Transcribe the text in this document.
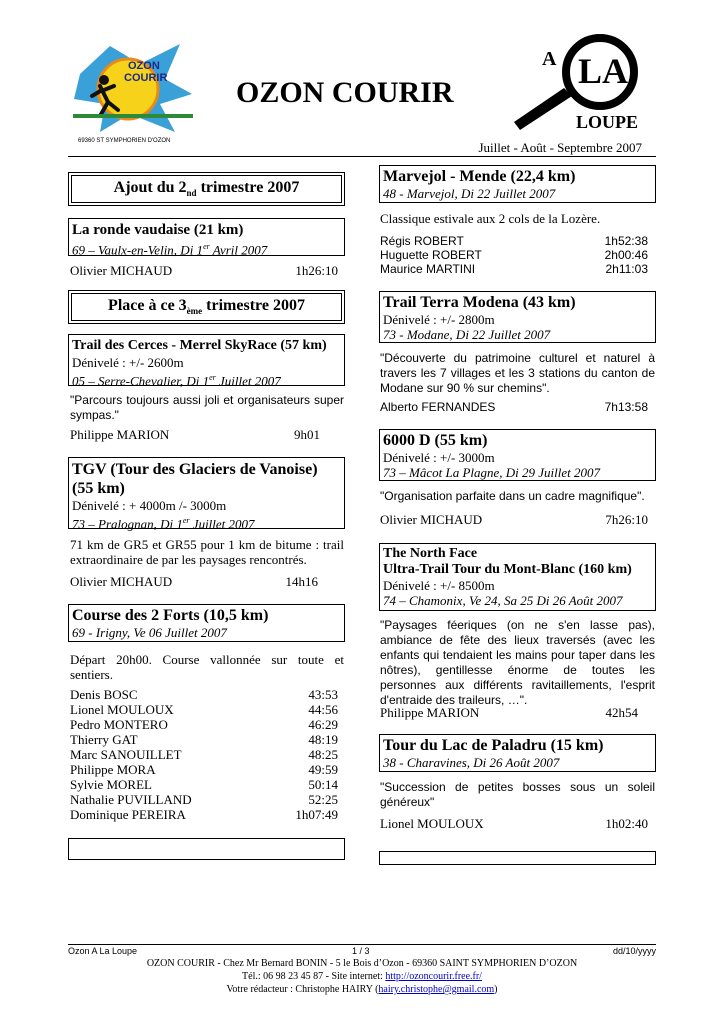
OZON
COURIR
69360 ST SYMPHORIEN D'OZON
OZON COURIR
A LA
LOUPE
Juillet - Août - Septembre 2007
Ajout du $2_{nd}$ trimestre 2007
La ronde vaudaise (21 km)
69 – Vaulx-en-Velin, Di 1er Avril 2007
Olivier MICHAUD	1h26:10
Place à ce $3_{ème}$ trimestre 2007
Trail des Cerces - Merrel SkyRace (57 km)
Dénivelé : +/- 2600m
05 – Serre-Chevalier, Di 1er Juillet 2007
"Parcours toujours aussi joli et organisateurs super sympas."
Philippe MARION	9h01
TGV (Tour des Glaciers de Vanoise) (55 km)
Dénivelé : + 4000m /- 3000m
73 – Pralognan, Di 1er Juillet 2007
71 km de GR5 et GR55 pour 1 km de bitume : trail extraordinaire de par les paysages rencontrés.
Olivier MICHAUD	14h16
Course des 2 Forts (10,5 km)
69 - Irigny, Ve 06 Juillet 2007
Départ 20h00. Course vallonnée sur toute et sentiers.
Denis BOSC	43:53
Lionel MOULOUX	44:56
Pedro MONTERO	46:29
Thierry GAT	48:19
Marc SANOUILLET	48:25
Philippe MORA	49:59
Sylvie MOREL	50:14
Nathalie PUVILLAND	52:25
Dominique PEREIRA	1h07:49
Marvejol - Mende (22,4 km)
48 - Marvejol, Di 22 Juillet 2007
Classique estivale aux 2 cols de la Lozère.
Régis ROBERT	1h52:38
Huguette ROBERT	2h00:46
Maurice MARTINI	2h11:03
Trail Terra Modena (43 km)
Dénivelé : +/- 2800m
73 - Modane, Di 22 Juillet 2007
"Découverte du patrimoine culturel et naturel à travers les 7 villages et les 3 stations du canton de Modane sur 90 % sur chemins".
Alberto FERNANDES	7h13:58
6000 D (55 km)
Dénivelé : +/- 3000m
73 – Mâcot La Plagne, Di 29 Juillet 2007
"Organisation parfaite dans un cadre magnifique".
Olivier MICHAUD	7h26:10
The North Face
Ultra-Trail Tour du Mont-Blanc (160 km)
Dénivelé : +/- 8500m
74 – Chamonix, Ve 24, Sa 25 Di 26 Août 2007
"Paysages féeriques (on ne s'en lasse pas), ambiance de fête des lieux traversés (avec les enfants qui tendaient les mains pour taper dans les nôtres), gentillesse énorme de toutes les personnes aux différents ravitaillements, l'esprit d'entraide des traileurs, …".
Philippe MARION	42h54
Tour du Lac de Paladru (15 km)
38 - Charavines, Di 26 Août 2007
"Succession de petites bosses sous un soleil généreux"
Lionel MOULOUX	1h02:40
Ozon A La Loupe	1 / 3	dd/10/yyyy
OZON COURIR - Chez Mr Bernard BONIN - 5 le Bois d’Ozon - 69360 SAINT SYMPHORIEN D’OZON
Tél.: 06 98 23 45 87 - Site internet: http://ozoncourir.free.fr/
Votre rédacteur : Christophe HAIRY (hairy.christophe@gmail.com)
